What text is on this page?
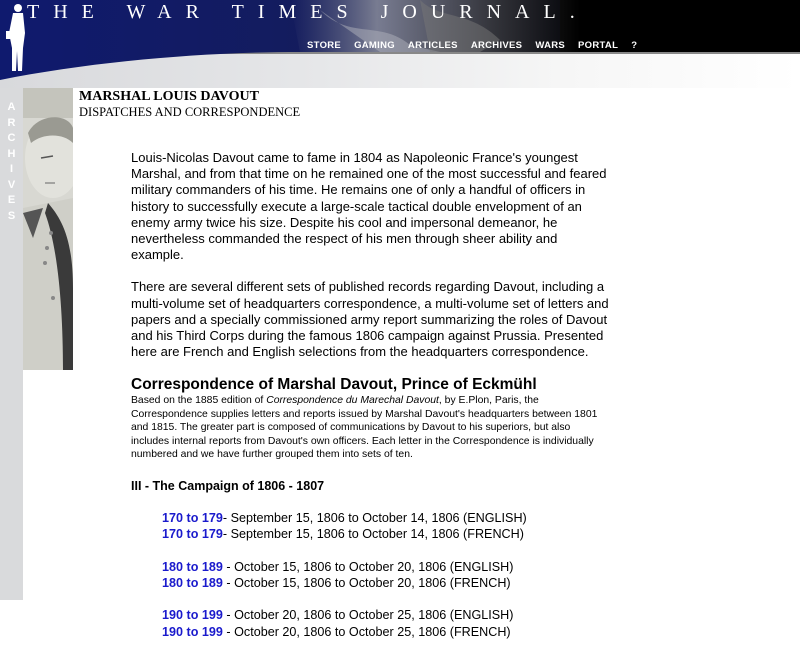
THE WAR TIMES JOURNAL.
STORE GAMING ARTICLES ARCHIVES WARS PORTAL ?
A
R
C
H
I
V
E
S
MARSHAL LOUIS DAVOUT
DISPATCHES AND CORRESPONDENCE

Louis-Nicolas Davout came to fame in 1804 as Napoleonic France's youngest Marshal, and from that time on he remained one of the most successful and feared military commanders of his time. He remains one of only a handful of officers in history to successfully execute a large-scale tactical double envelopment of an enemy army twice his size. Despite his cool and impersonal demeanor, he nevertheless commanded the respect of his men through sheer ability and example.

There are several different sets of published records regarding Davout, including a multi-volume set of headquarters correspondence, a multi-volume set of letters and papers and a specially commissioned army report summarizing the roles of Davout and his Third Corps during the famous 1806 campaign against Prussia. Presented here are French and English selections from the headquarters correspondence.

Correspondence of Marshal Davout, Prince of Eckmühl

Based on the 1885 edition of Correspondence du Marechal Davout, by E.Plon, Paris, the Correspondence supplies letters and reports issued by Marshal Davout's headquarters between 1801 and 1815. The greater part is composed of communications by Davout to his superiors, but also includes internal reports from Davout's own officers. Each letter in the Correspondence is individually numbered and we have further grouped them into sets of ten.

III - The Campaign of 1806 - 1807
170 to 179- September 15, 1806 to October 14, 1806 (ENGLISH)
170 to 179- September 15, 1806 to October 14, 1806 (FRENCH)
180 to 189 - October 15, 1806 to October 20, 1806 (ENGLISH)
180 to 189 - October 15, 1806 to October 20, 1806 (FRENCH)
190 to 199 - October 20, 1806 to October 25, 1806 (ENGLISH)
190 to 199 - October 20, 1806 to October 25, 1806 (FRENCH)
